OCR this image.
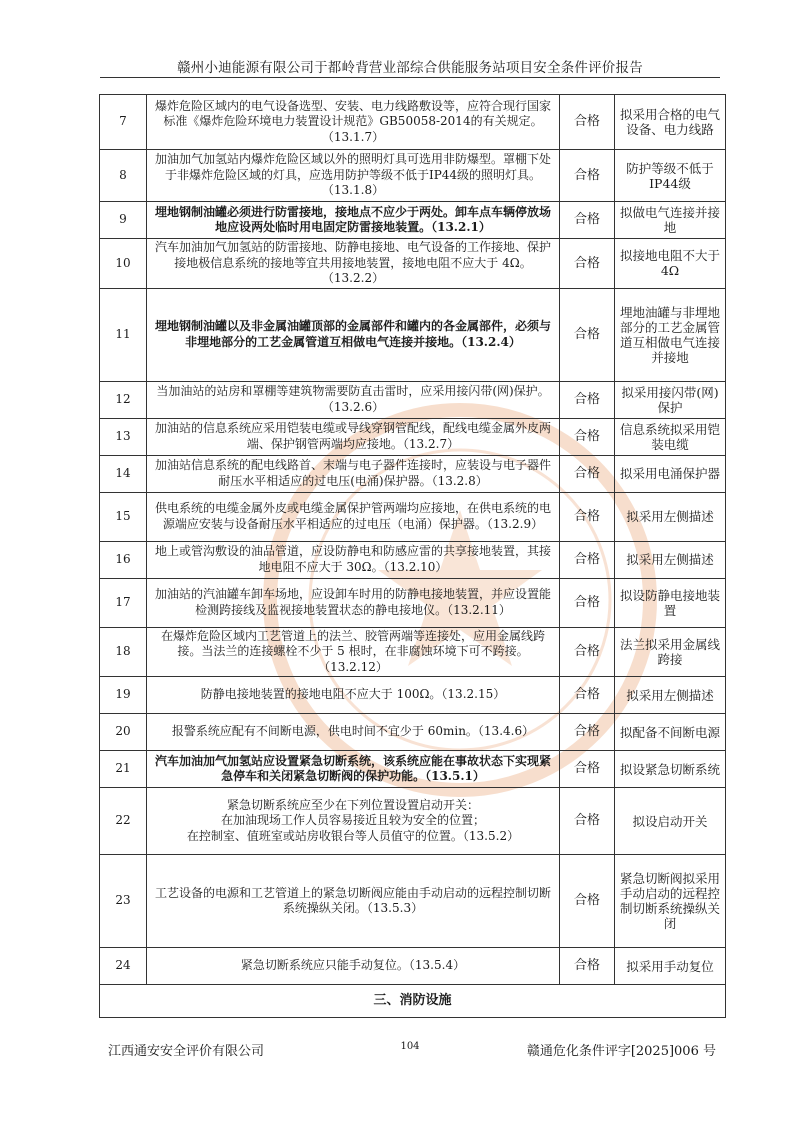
赣州小迪能源有限公司于都岭背营业部综合供能服务站项目安全条件评价报告
7	爆炸危险区域内的电气设备选型、安装、电力线路敷设等，应符合现行国家标准《爆炸危险环境电力装置设计规范》GB50058-2014的有关规定。（13.1.7）	合格	拟采用合格的电气设备、电力线路
8	加油加气加氢站内爆炸危险区域以外的照明灯具可选用非防爆型。罩棚下处于非爆炸危险区域的灯具，应选用防护等级不低于IP44级的照明灯具。（13.1.8）	合格	防护等级不低于 IP44级
9	埋地钢制油罐必须进行防雷接地，接地点不应少于两处。卸车点车辆停放场地应设两处临时用电固定防雷接地装置。（13.2.1）	合格	拟做电气连接并接地
10	汽车加油加气加氢站的防雷接地、防静电接地、电气设备的工作接地、保护接地极信息系统的接地等宜共用接地装置，接地电阻不应大于 4Ω。（13.2.2）	合格	拟接地电阻不大于 4Ω
11	埋地钢制油罐以及非金属油罐顶部的金属部件和罐内的各金属部件，必须与非埋地部分的工艺金属管道互相做电气连接并接地。（13.2.4）	合格	埋地油罐与非埋地部分的工艺金属管道互相做电气连接并接地
12	当加油站的站房和罩棚等建筑物需要防直击雷时，应采用接闪带(网)保护。（13.2.6）	合格	拟采用接闪带(网)保护
13	加油站的信息系统应采用铠装电缆或导线穿钢管配线，配线电缆金属外皮两端、保护钢管两端均应接地。（13.2.7）	合格	信息系统拟采用铠装电缆
14	加油站信息系统的配电线路首、末端与电子器件连接时，应装设与电子器件耐压水平相适应的过电压(电涌)保护器。（13.2.8）	合格	拟采用电涌保护器
15	供电系统的电缆金属外皮或电缆金属保护管两端均应接地，在供电系统的电源端应安装与设备耐压水平相适应的过电压（电涌）保护器。（13.2.9）	合格	拟采用左侧描述
16	地上或管沟敷设的油品管道，应设防静电和防感应雷的共享接地装置，其接地电阻不应大于 30Ω。（13.2.10）	合格	拟采用左侧描述
17	加油站的汽油罐车卸车场地，应设卸车时用的防静电接地装置，并应设置能检测跨接线及监视接地装置状态的静电接地仪。（13.2.11）	合格	拟设防静电接地装置
18	在爆炸危险区域内工艺管道上的法兰、胶管两端等连接处，应用金属线跨接。当法兰的连接螺栓不少于 5 根时，在非腐蚀环境下可不跨接。（13.2.12）	合格	法兰拟采用金属线跨接
19	防静电接地装置的接地电阻不应大于 100Ω。（13.2.15）	合格	拟采用左侧描述
20	报警系统应配有不间断电源，供电时间不宜少于 60min。（13.4.6）	合格	拟配备不间断电源
21	汽车加油加气加氢站应设置紧急切断系统，该系统应能在事故状态下实现紧急停车和关闭紧急切断阀的保护功能。（13.5.1）	合格	拟设紧急切断系统
22	紧急切断系统应至少在下列位置设置启动开关：
在加油现场工作人员容易接近且较为安全的位置；
在控制室、值班室或站房收银台等人员值守的位置。（13.5.2）	合格	拟设启动开关
23	工艺设备的电源和工艺管道上的紧急切断阀应能由手动启动的远程控制切断系统操纵关闭。（13.5.3）	合格	紧急切断阀拟采用手动启动的远程控制切断系统操纵关闭
24	紧急切断系统应只能手动复位。（13.5.4）	合格	拟采用手动复位
三、消防设施			
江西通安安全评价有限公司	104	赣通危化条件评字[2025]006 号
